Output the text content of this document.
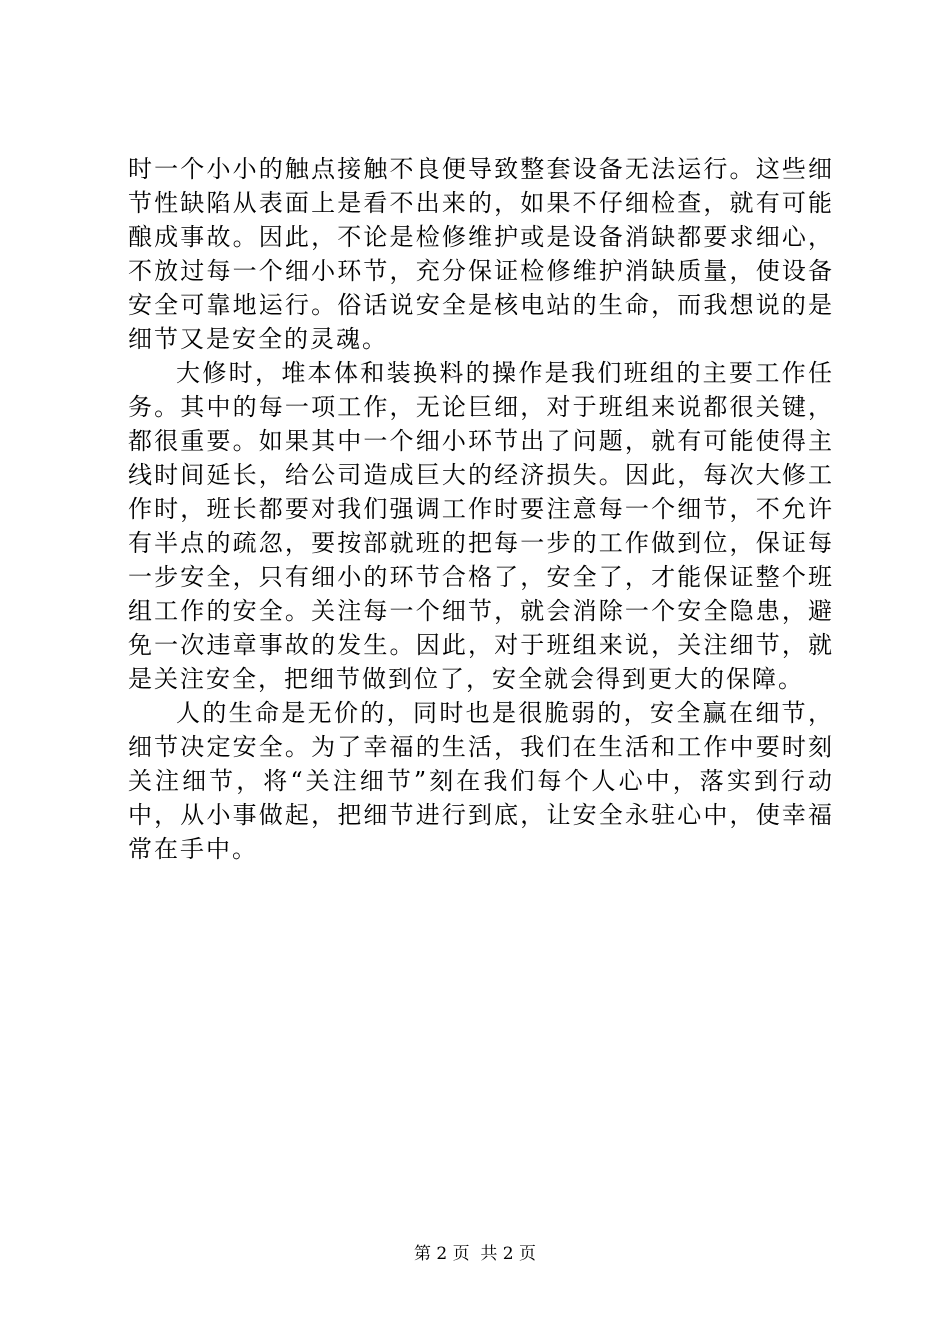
时一个小小的触点接触不良便导致整套设备无法运行。这些细
节性缺陷从表面上是看不出来的，如果不仔细检查，就有可能
酿成事故。因此，不论是检修维护或是设备消缺都要求细心，
不放过每一个细小环节，充分保证检修维护消缺质量，使设备
安全可靠地运行。俗话说安全是核电站的生命，而我想说的是
细节又是安全的灵魂。
大修时，堆本体和装换料的操作是我们班组的主要工作任
务。其中的每一项工作，无论巨细，对于班组来说都很关键，
都很重要。如果其中一个细小环节出了问题，就有可能使得主
线时间延长，给公司造成巨大的经济损失。因此，每次大修工
作时，班长都要对我们强调工作时要注意每一个细节，不允许
有半点的疏忽，要按部就班的把每一步的工作做到位，保证每
一步安全，只有细小的环节合格了，安全了，才能保证整个班
组工作的安全。关注每一个细节，就会消除一个安全隐患，避
免一次违章事故的发生。因此，对于班组来说，关注细节，就
是关注安全，把细节做到位了，安全就会得到更大的保障。
人的生命是无价的，同时也是很脆弱的，安全赢在细节，
细节决定安全。为了幸福的生活，我们在生活和工作中要时刻
关注细节，将“关注细节”刻在我们每个人心中，落实到行动
中，从小事做起，把细节进行到底，让安全永驻心中，使幸福
常在手中。
第 2 页  共 2 页
